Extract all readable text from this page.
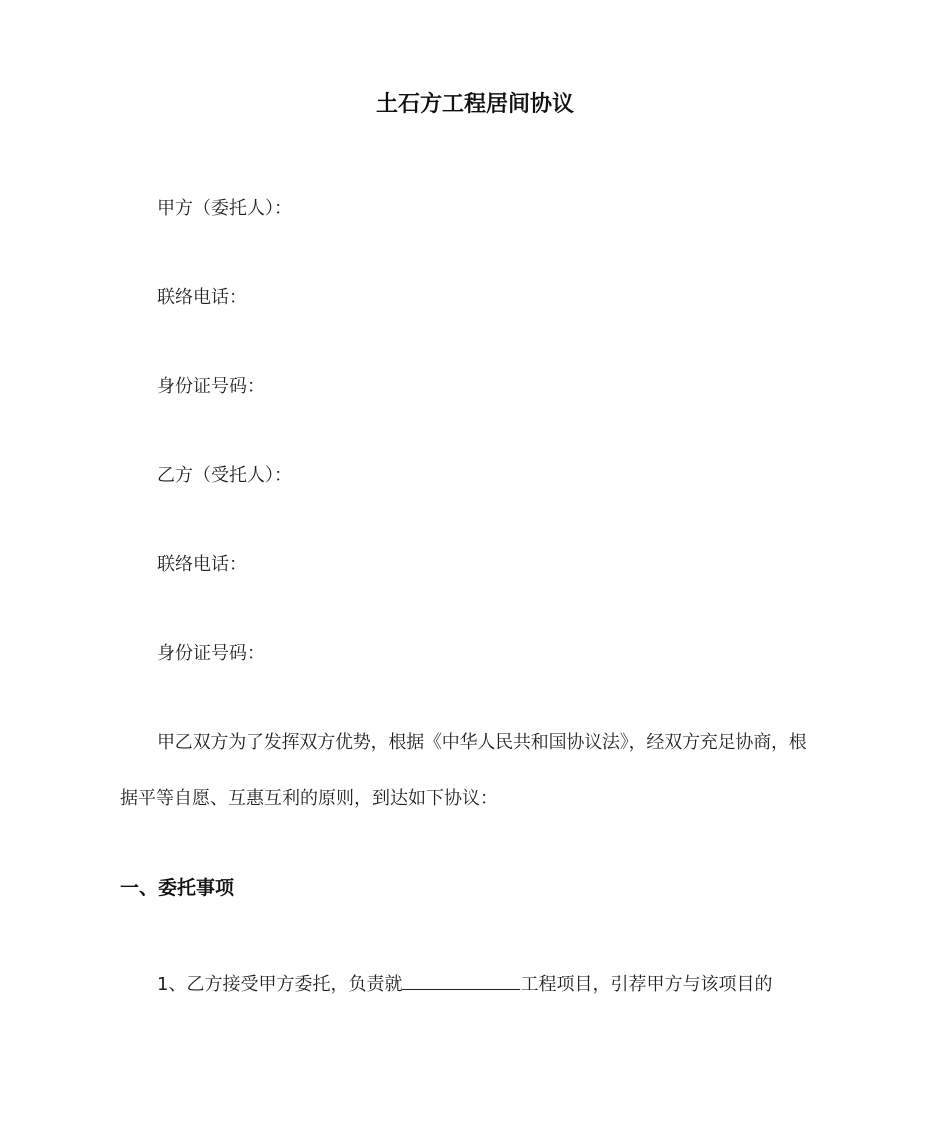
土石方工程居间协议
甲方（委托人）：
联络电话：
身份证号码：
乙方（受托人）：
联络电话：
身份证号码：
甲乙双方为了发挥双方优势，根据《中华人民共和国协议法》，经双方充足协商，根
据平等自愿、互惠互利的原则，到达如下协议：
一、委托事项
1、乙方接受甲方委托，负责就	工程项目，引荐甲方与该项目的
